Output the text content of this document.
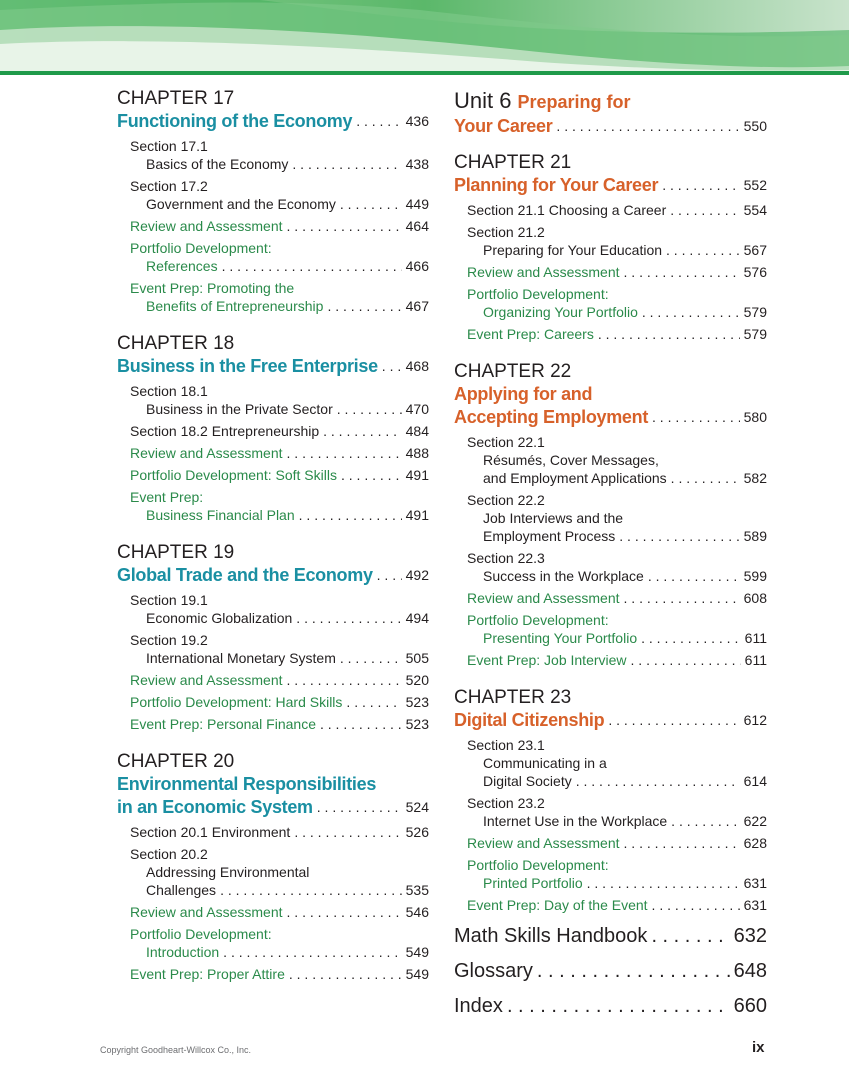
CHAPTER 17
Functioning of the Economy . . .	436
Section 17.1
Basics of the Economy . . .	438
Section 17.2
Government and the Economy . . .	449
Review and Assessment . . .	464
Portfolio Development:
References . . .	466
Event Prep: Promoting the
Benefits of Entrepreneurship . . .	467
CHAPTER 18
Business in the Free Enterprise . . . 468
Section 18.1
Business in the Private Sector . . .	470
Section 18.2 Entrepreneurship . . .	484
Review and Assessment . . .	488
Portfolio Development: Soft Skills . . .	491
Event Prep:
Business Financial Plan . . .	491
CHAPTER 19
Global Trade and the Economy . . . 492
Section 19.1
Economic Globalization . . .	494
Section 19.2
International Monetary System . . .	505
Review and Assessment . . .	520
Portfolio Development: Hard Skills . . .	523
Event Prep: Personal Finance . . .	523
CHAPTER 20
Environmental Responsibilities
in an Economic System . . .	524
Section 20.1 Environment . . .	526
Section 20.2
Addressing Environmental
Challenges . . .	535
Review and Assessment . . .	546
Portfolio Development:
Introduction . . .	549
Event Prep: Proper Attire . . .	549
Unit 6 Preparing for
Your Career . . .	550
CHAPTER 21
Planning for Your Career . . .	552
Section 21.1 Choosing a Career . . .	554
Section 21.2
Preparing for Your Education . . .	567
Review and Assessment . . .	576
Portfolio Development:
Organizing Your Portfolio . . .	579
Event Prep: Careers . . .	579
CHAPTER 22
Applying for and
Accepting Employment . . .	580
Section 22.1
Résumés, Cover Messages,
and Employment Applications . . .	582
Section 22.2
Job Interviews and the
Employment Process . . .	589
Section 22.3
Success in the Workplace . . .	599
Review and Assessment . . .	608
Portfolio Development:
Presenting Your Portfolio . . .	611
Event Prep: Job Interview . . .	611
CHAPTER 23
Digital Citizenship . . .	612
Section 23.1
Communicating in a
Digital Society . . .	614
Section 23.2
Internet Use in the Workplace . . .	622
Review and Assessment . . .	628
Portfolio Development:
Printed Portfolio . . .	631
Event Prep: Day of the Event . . .	631
Math Skills Handbook . . .	632
Glossary . . .	648
Index . . .	660
Copyright Goodheart-Willcox Co., Inc.	ix
